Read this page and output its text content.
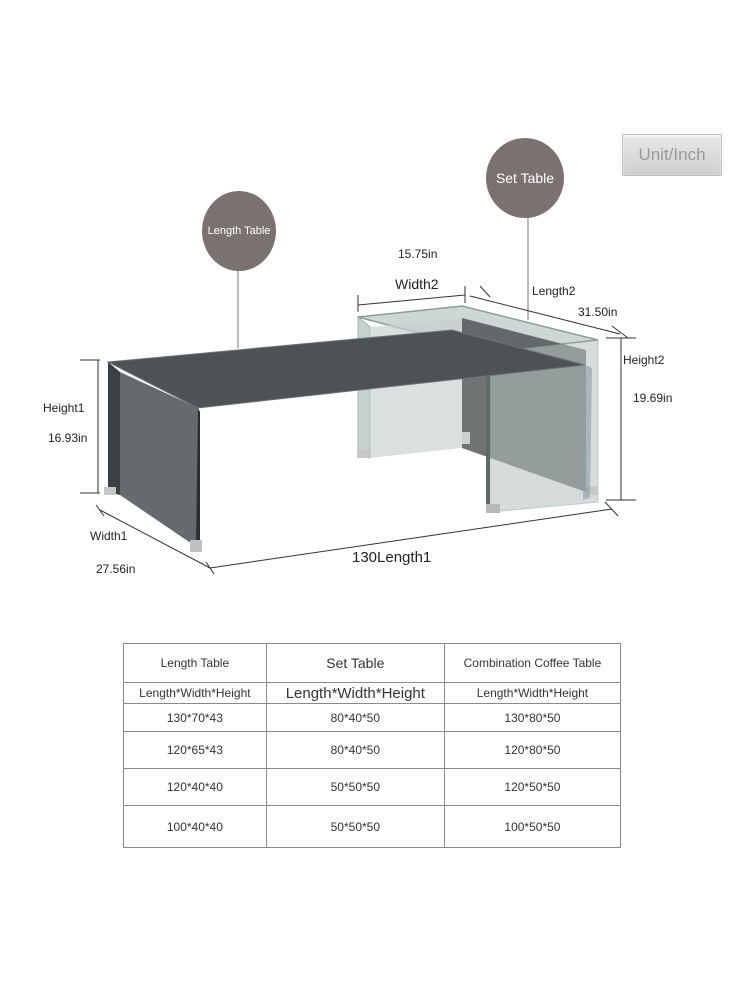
Length Table
Set Table
Unit/Inch
15.75in
Width2	Length2
31.50in
Height2
19.69in
Height1
16.93in
Width1
27.56in
130Length1
Length Table	Set Table	Combination Coffee Table
Length*Width*Height	Length*Width*Height	Length*Width*Height
130*70*43	80*40*50	130*80*50
120*65*43	80*40*50	120*80*50
120*40*40	50*50*50	120*50*50
100*40*40	50*50*50	100*50*50
